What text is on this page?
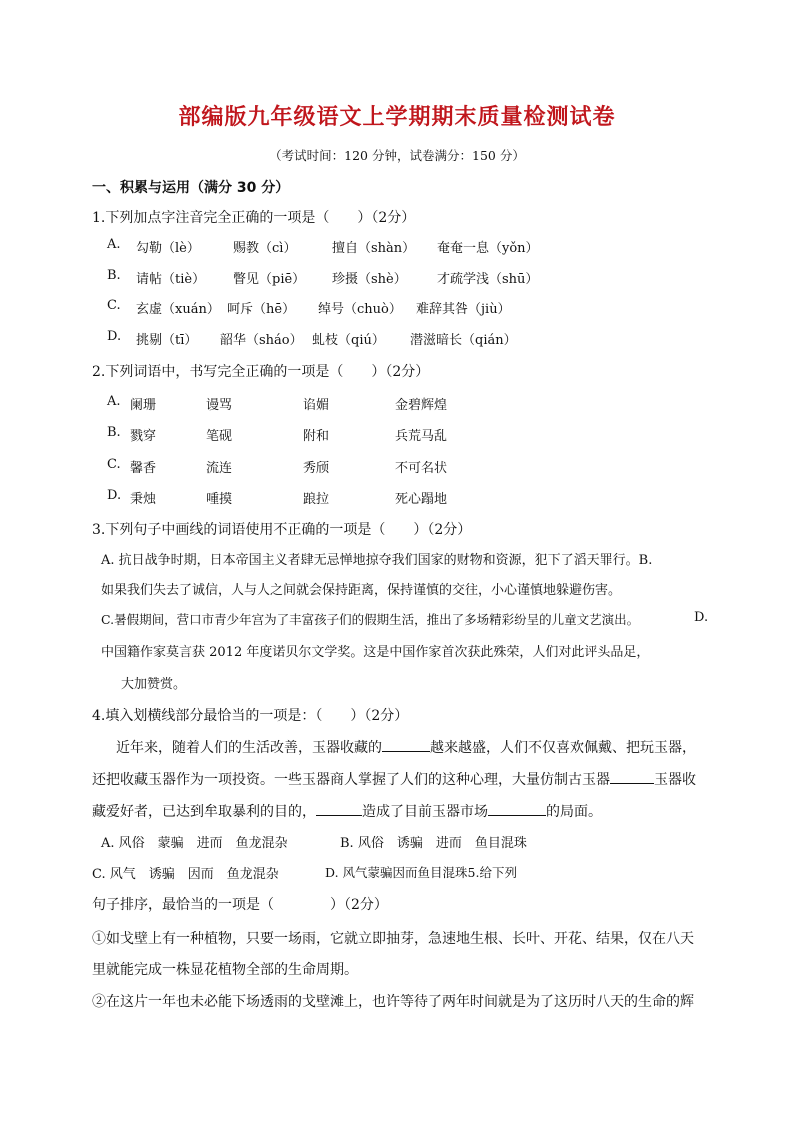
部编版九年级语文上学期期末质量检测试卷
（考试时间：120 分钟，试卷满分：150 分）
一、积累与运用（满分 30 分）
1.下列加点字注音完全正确的一项是（　　）（2分）
A. 勾勒（lè）	赐教（cì）	擅自（shàn） 奄奄一息（yǒn）
B. 请帖（tiè） 瞥见（piē） 珍摄（shè） 才疏学浅（shū）
C. 玄虚（xuán） 呵斥（hē） 绰号（chuò） 难辞其咎（jiù）
D. 挑剔（tī） 韶华（sháo） 虬枝（qiú） 潜滋暗长（qián）
2.下列词语中，书写完全正确的一项是（　　）（2分）
A. 阑珊	谩骂	谄媚	金碧辉煌
B. 戮穿	笔砚	附和	兵荒马乱
C. 馨香	流连	秀颀	不可名状
D. 秉烛	喠摸	踉拉	死心蹋地
3.下列句子中画线的词语使用不正确的一项是（　　）（2分）
A. 抗日战争时期，日本帝国主义者肆无忌惮地掠夺我们国家的财物和资源，犯下了滔天罪行。B.
如果我们失去了诚信，人与人之间就会保持距离，保持谨慎的交往，小心谨慎地躲避伤害。
C.暑假期间，营口市青少年宫为了丰富孩子们的假期生活，推出了多场精彩纷呈的儿童文艺演出。	D.
中国籍作家莫言获 2012 年度诺贝尔文学奖。这是中国作家首次获此殊荣，人们对此评头品足，
大加赞赏。
4.填入划横线部分最恰当的一项是：（　　）（2分）
近年来，随着人们的生活改善，玉器收藏的	越来越盛，人们不仅喜欢佩戴、把玩玉器，
还把收藏玉器作为一项投资。一些玉器商人掌握了人们的这种心理，大量仿制古玉器	玉器收
藏爱好者，已达到牟取暴利的目的，	造成了目前玉器市场	的局面。
A. 风俗　蒙骗　进而　鱼龙混杂	B. 风俗　诱骗　进而　鱼目混珠
C. 风气　诱骗　因而　鱼龙混杂	D. 风气蒙骗因而鱼目混珠5.给下列
句子排序，最恰当的一项是（　　　　）（2分）
①如戈壁上有一种植物，只要一场雨，它就立即抽芽，急速地生根、长叶、开花、结果，仅在八天
里就能完成一株显花植物全部的生命周期。
②在这片一年也未必能下场透雨的戈壁滩上，也许等待了两年时间就是为了这历时八天的生命的辉
